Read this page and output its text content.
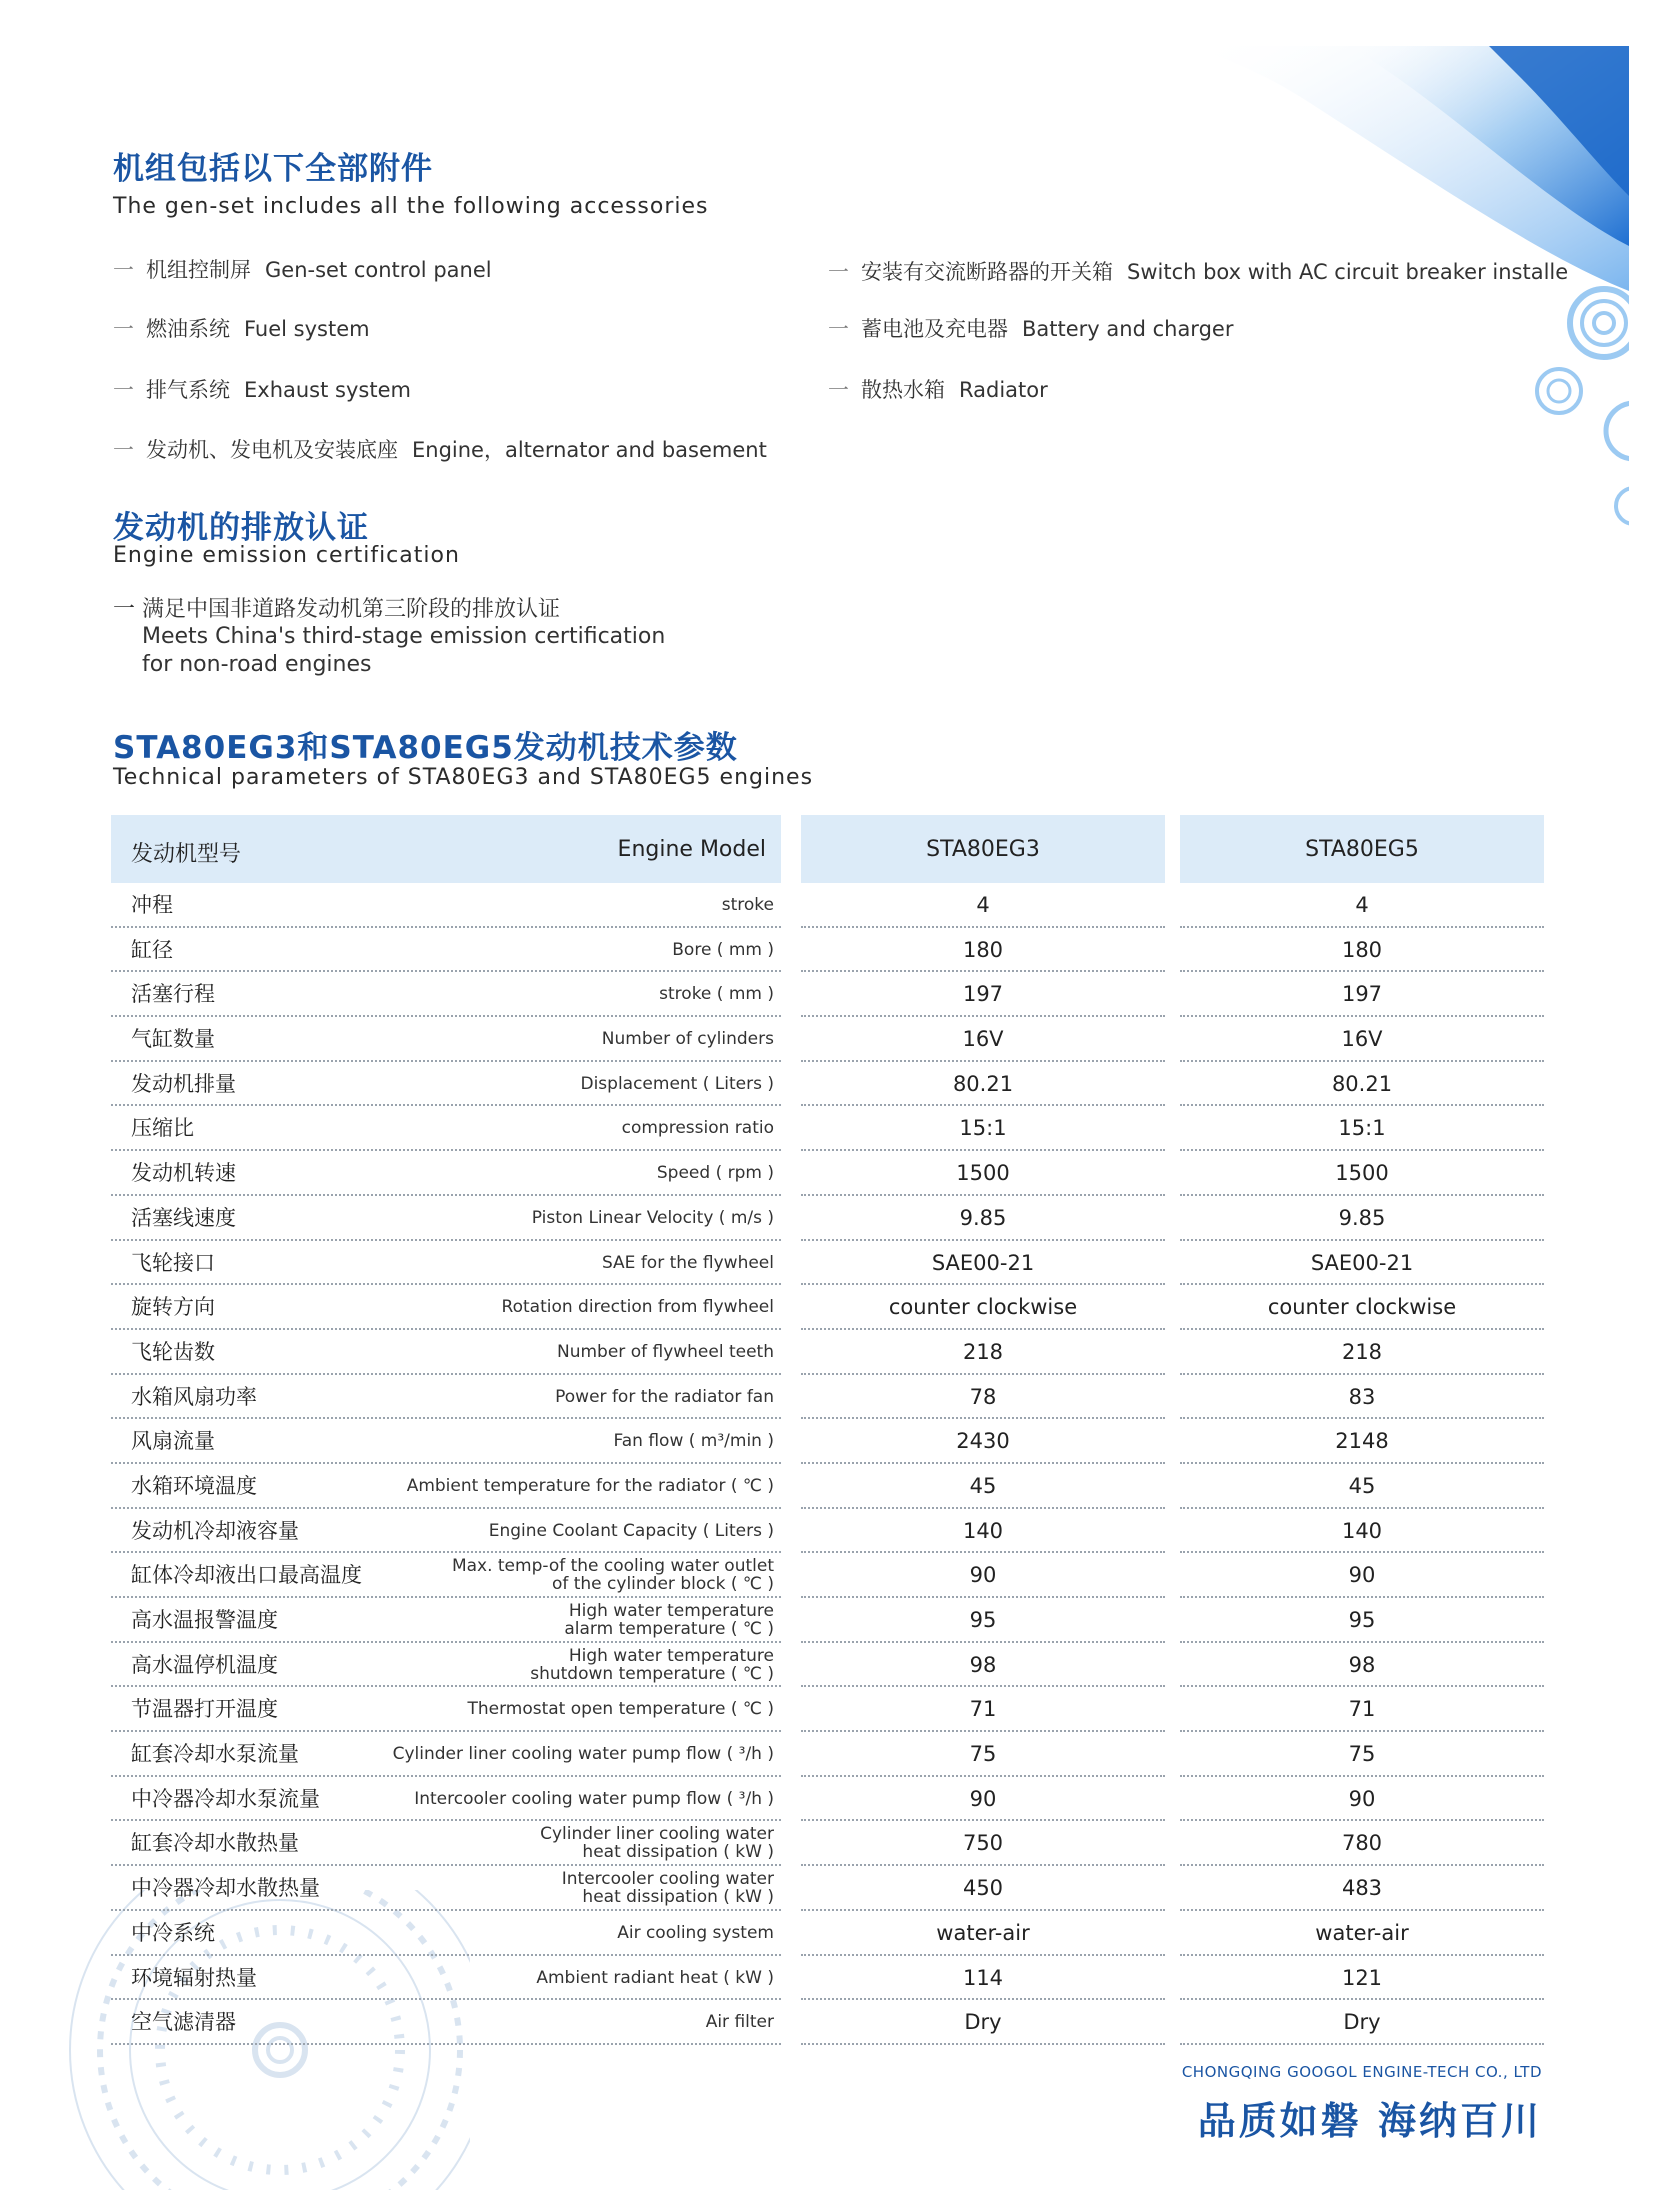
机组包括以下全部附件
The gen-set includes all the following accessories
一 机组控制屏 Gen-set control panel
一 燃油系统 Fuel system
一 排气系统 Exhaust system
一 发动机、发电机及安装底座 Engine，alternator and basement
一 安装有交流断路器的开关箱 Switch box with AC circuit breaker installe
一 蓄电池及充电器 Battery and charger
一 散热水箱 Radiator
发动机的排放认证
Engine emission certification
一 满足中国非道路发动机第三阶段的排放认证
Meets China's third-stage emission certification
for non-road engines
STA80EG3和STA80EG5发动机技术参数
Technical parameters of STA80EG3 and STA80EG5 engines
发动机型号	Engine Model	STA80EG3	STA80EG5
冲程	stroke	4	4
缸径	Bore ( mm )	180	180
活塞行程	stroke ( mm )	197	197
气缸数量	Number of cylinders	16V	16V
发动机排量	Displacement ( Liters )	80.21	80.21
压缩比	compression ratio	15:1	15:1
发动机转速	Speed ( rpm )	1500	1500
活塞线速度	Piston Linear Velocity ( m/s )	9.85	9.85
飞轮接口	SAE for the flywheel	SAE00-21	SAE00-21
旋转方向	Rotation direction from flywheel	counter clockwise	counter clockwise
飞轮齿数	Number of flywheel teeth	218	218
水箱风扇功率	Power for the radiator fan	78	83
风扇流量	Fan flow ( m³/min )	2430	2148
水箱环境温度	Ambient temperature for the radiator ( ℃ )	45	45
发动机冷却液容量	Engine Coolant Capacity ( Liters )	140	140
缸体冷却液出口最高温度	Max. temp-of the cooling water outlet
of the cylinder block ( ℃ )	90	90
高水温报警温度	High water temperature
alarm temperature ( ℃ )	95	95
高水温停机温度	High water temperature
shutdown temperature ( ℃ )	98	98
节温器打开温度	Thermostat open temperature ( ℃ )	71	71
缸套冷却水泵流量	Cylinder liner cooling water pump flow ( ³/h )	75	75
中冷器冷却水泵流量	Intercooler cooling water pump flow ( ³/h )	90	90
缸套冷却水散热量	Cylinder liner cooling water
heat dissipation ( kW )	750	780
中冷器冷却水散热量	Intercooler cooling water
heat dissipation ( kW )	450	483
中冷系统	Air cooling system	water-air	water-air
环境辐射热量	Ambient radiant heat ( kW )	114	121
空气滤清器	Air filter	Dry	Dry
CHONGQING GOOGOL ENGINE-TECH CO., LTD
品质如磐 海纳百川
